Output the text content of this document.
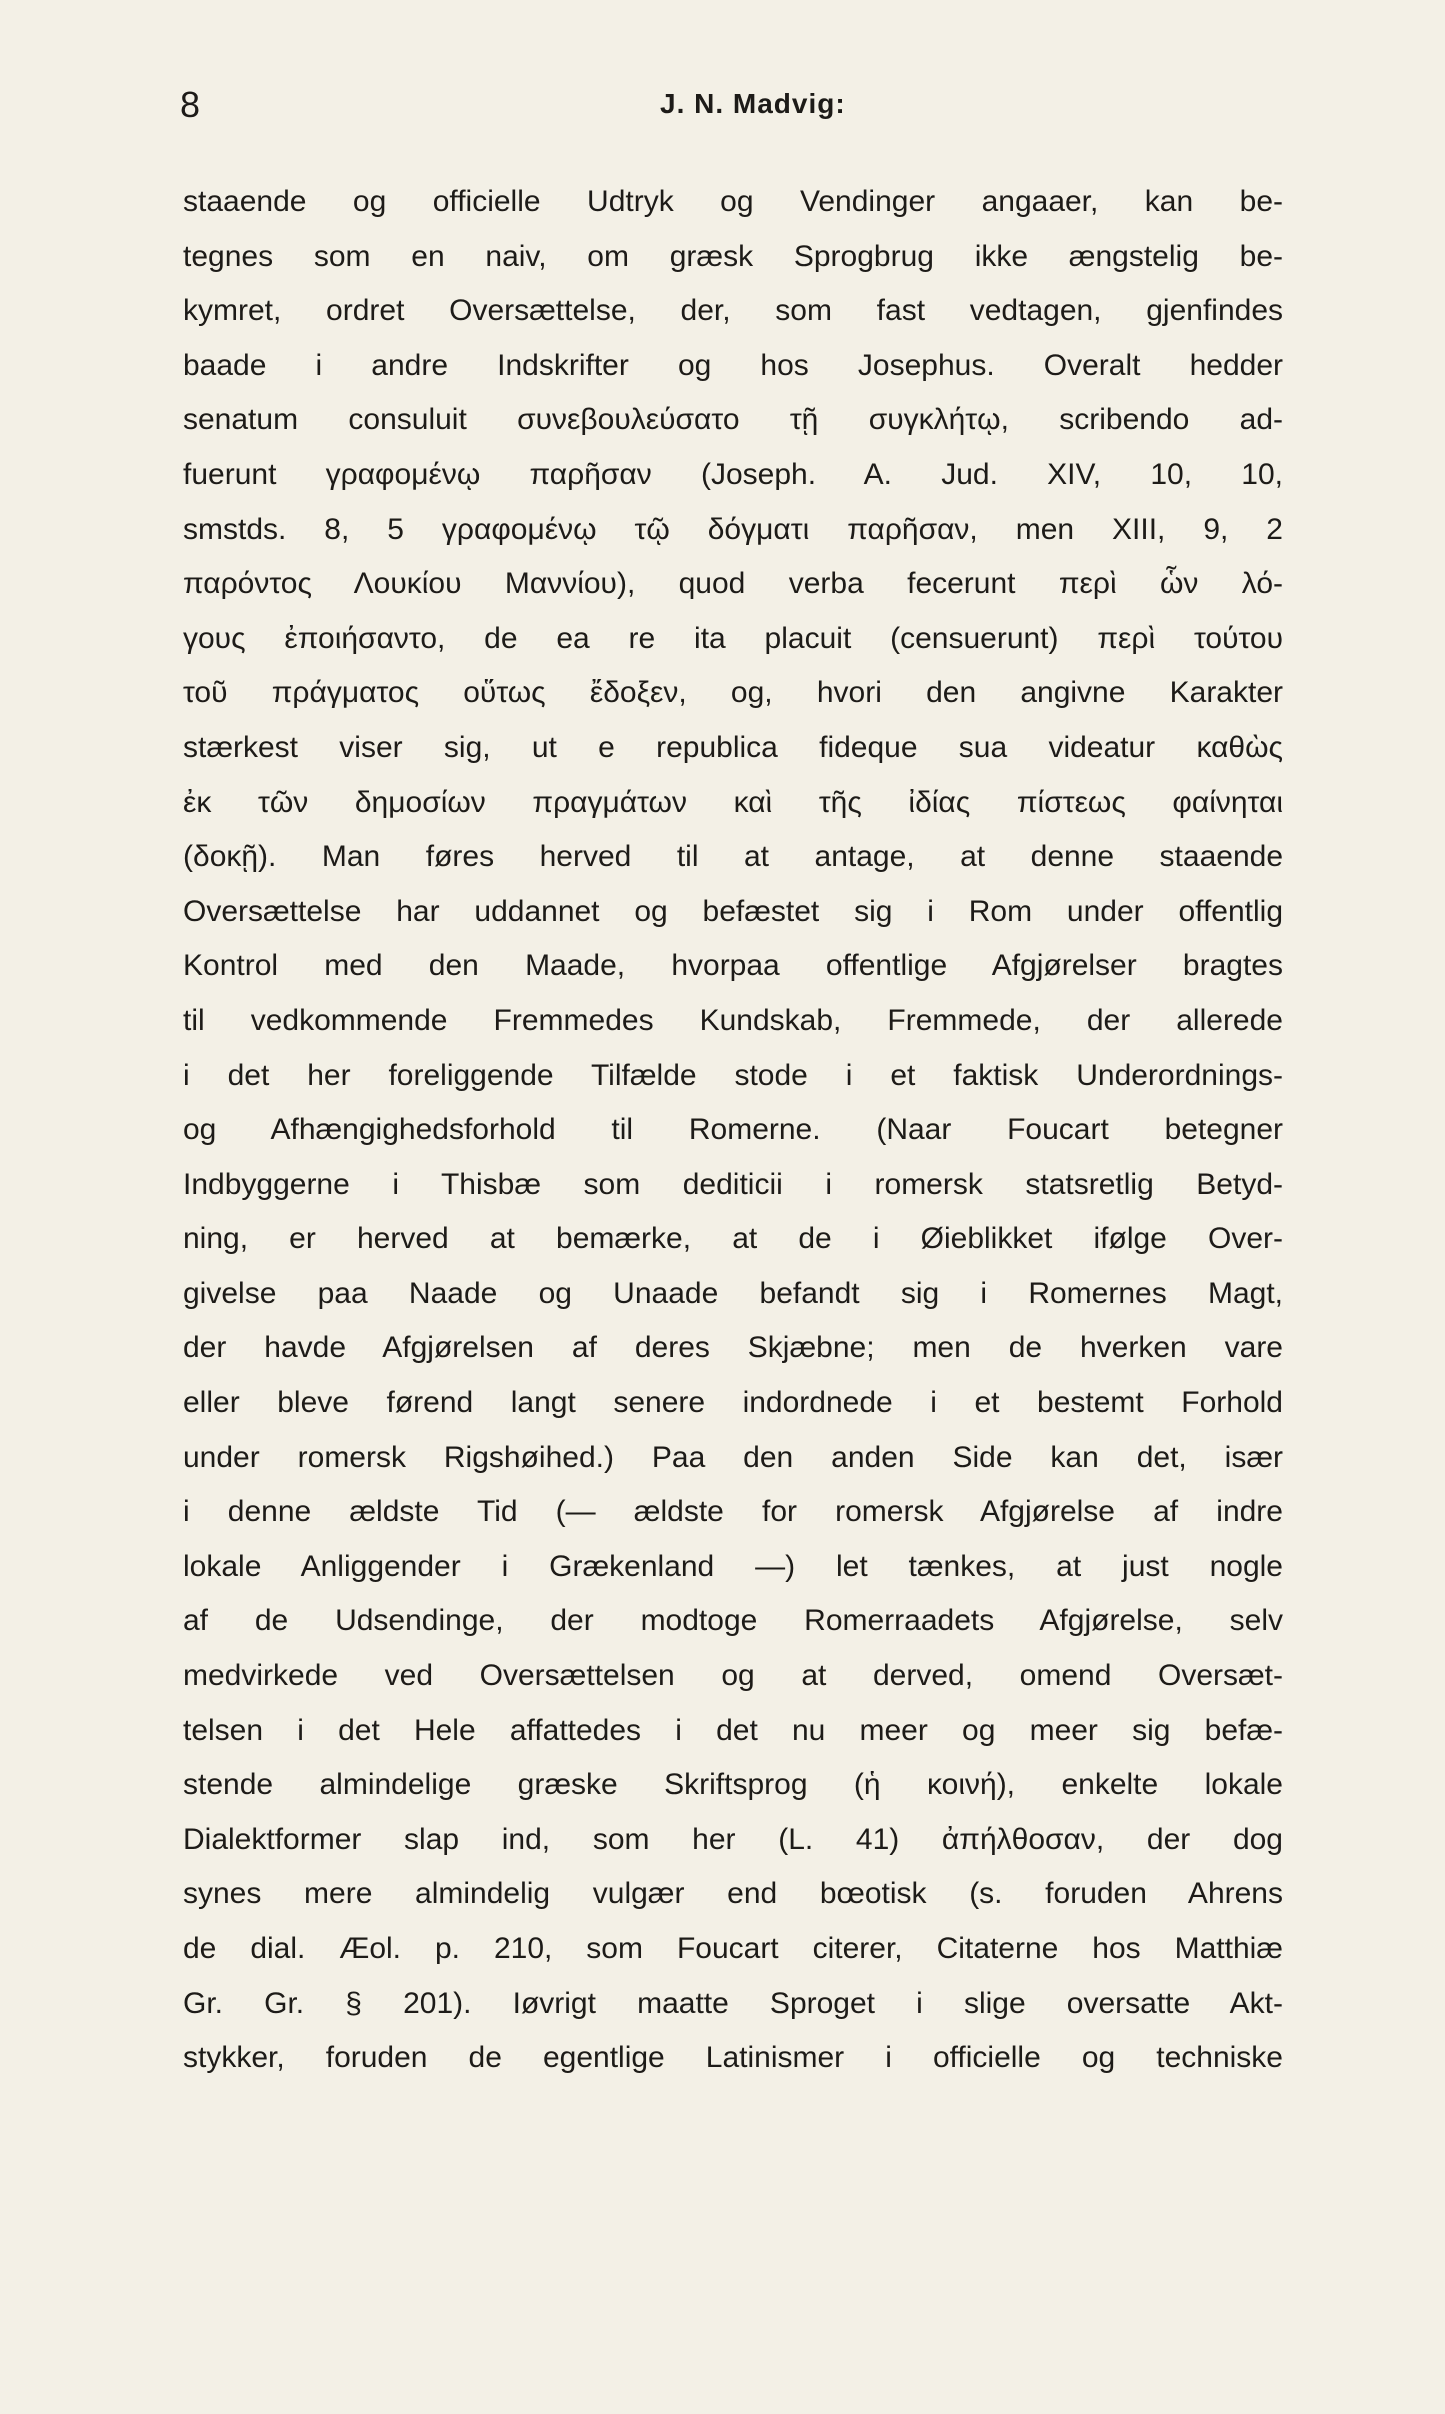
8	J. N. Madvig:
staaende og officielle Udtryk og Vendinger angaaer, kan be-
tegnes som en naiv, om græsk Sprogbrug ikke ængstelig be-
kymret, ordret Oversættelse, der, som fast vedtagen, gjenfindes
baade i andre Indskrifter og hos Josephus. Overalt hedder
senatum consuluit συνεβουλεύσατο τῇ συγκλήτῳ, scribendo ad-
fuerunt γραφομένῳ παρῆσαν (Joseph. A. Jud. XIV, 10, 10,
smstds. 8, 5 γραφομένῳ τῷ δόγματι παρῆσαν, men XIII, 9, 2
παρόντος Λουκίου Μαννίου), quod verba fecerunt περὶ ὧν λό-
γους ἐποιήσαντο, de ea re ita placuit (censuerunt) περὶ τούτου
τοῦ πράγματος οὕτως ἔδοξεν, og, hvori den angivne Karakter
stærkest viser sig, ut e republica fideque sua videatur καθὼς
ἐκ τῶν δημοσίων πραγμάτων καὶ τῆς ἰδίας πίστεως φαίνηται
(δοκῇ). Man føres herved til at antage, at denne staaende
Oversættelse har uddannet og befæstet sig i Rom under offentlig
Kontrol med den Maade, hvorpaa offentlige Afgjørelser bragtes
til vedkommende Fremmedes Kundskab, Fremmede, der allerede
i det her foreliggende Tilfælde stode i et faktisk Underordnings-
og Afhængighedsforhold til Romerne. (Naar Foucart betegner
Indbyggerne i Thisbæ som dediticii i romersk statsretlig Betyd-
ning, er herved at bemærke, at de i Øieblikket ifølge Over-
givelse paa Naade og Unaade befandt sig i Romernes Magt,
der havde Afgjørelsen af deres Skjæbne; men de hverken vare
eller bleve førend langt senere indordnede i et bestemt Forhold
under romersk Rigshøihed.) Paa den anden Side kan det, især
i denne ældste Tid (— ældste for romersk Afgjørelse af indre
lokale Anliggender i Grækenland —) let tænkes, at just nogle
af de Udsendinge, der modtoge Romerraadets Afgjørelse, selv
medvirkede ved Oversættelsen og at derved, omend Oversæt-
telsen i det Hele affattedes i det nu meer og meer sig befæ-
stende almindelige græske Skriftsprog (ἡ κοινή), enkelte lokale
Dialektformer slap ind, som her (L. 41) ἀπήλθοσαν, der dog
synes mere almindelig vulgær end bœotisk (s. foruden Ahrens
de dial. Æol. p. 210, som Foucart citerer, Citaterne hos Matthiæ
Gr. Gr. § 201). Iøvrigt maatte Sproget i slige oversatte Akt-
stykker, foruden de egentlige Latinismer i officielle og techniske
